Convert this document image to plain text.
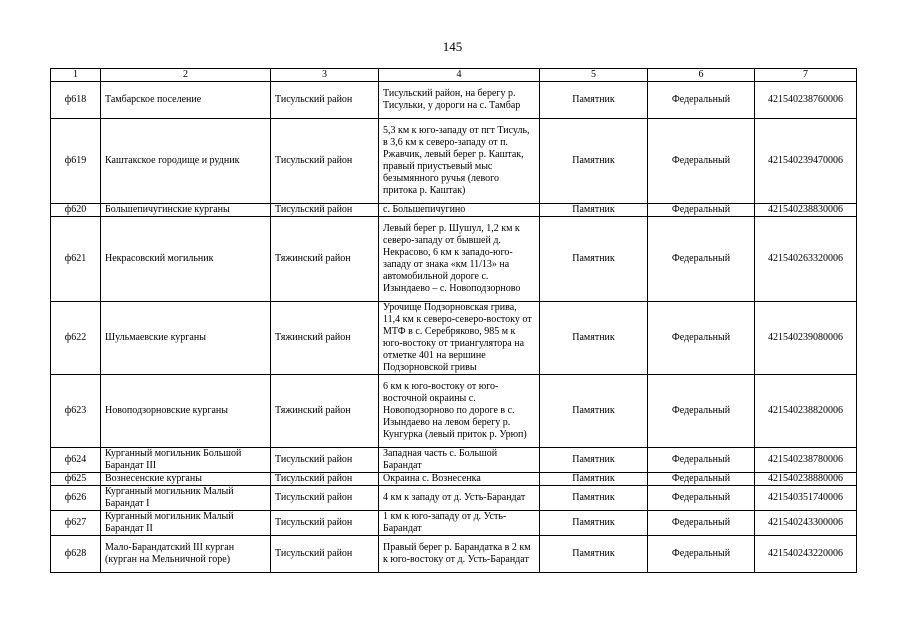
145
1	2	3	4	5	6	7
ф618	Тамбарское поселение	Тисульский район	Тисульский район, на берегу р. Тисульки, у дороги на с. Тамбар	Памятник	Федеральный	421540238760006
ф619	Каштакское городище и рудник	Тисульский район	5,3 км к юго-западу от пгт Тисуль, в 3,6 км к северо-западу от п. Ржавчик, левый берег р. Каштак, правый приустьевый мыс безымянного ручья (левого притока р. Каштак)	Памятник	Федеральный	421540239470006
ф620	Большепичугинские курганы	Тисульский район	с. Большепичугино	Памятник	Федеральный	421540238830006
ф621	Некрасовский могильник	Тяжинский район	Левый берег р. Шушул, 1,2 км к северо-западу от бывшей д. Некрасово, 6 км к западо-юго-западу от знака «км 11/13» на автомобильной дороге с. Изындаево – с. Новоподзорново	Памятник	Федеральный	421540263320006
ф622	Шульмаевские курганы	Тяжинский район	Урочище Подзорновская грива, 11,4 км к северо-северо-востоку от МТФ в с. Серебряково, 985 м к юго-востоку от триангулятора на отметке 401 на вершине Подзорновской гривы	Памятник	Федеральный	421540239080006
ф623	Новоподзорновские курганы	Тяжинский район	6 км к юго-востоку от юго-восточной окраины с. Новоподзорново по дороге в с. Изындаево на левом берегу р. Кунгурка (левый приток р. Урюп)	Памятник	Федеральный	421540238820006
ф624	Курганный могильник Большой Барандат III	Тисульский район	Западная часть с. Большой Барандат	Памятник	Федеральный	421540238780006
ф625	Вознесенские курганы	Тисульский район	Окраина с. Вознесенка	Памятник	Федеральный	421540238880006
ф626	Курганный могильник Малый Барандат I	Тисульский район	4 км к западу от д. Усть-Барандат	Памятник	Федеральный	421540351740006
ф627	Курганный могильник Малый Барандат II	Тисульский район	1 км к юго-западу от д. Усть-Барандат	Памятник	Федеральный	421540243300006
ф628	Мало-Барандатский III курган (курган на Мельничной горе)	Тисульский район	Правый берег р. Барандатка в 2 км к юго-востоку от д. Усть-Барандат	Памятник	Федеральный	421540243220006
